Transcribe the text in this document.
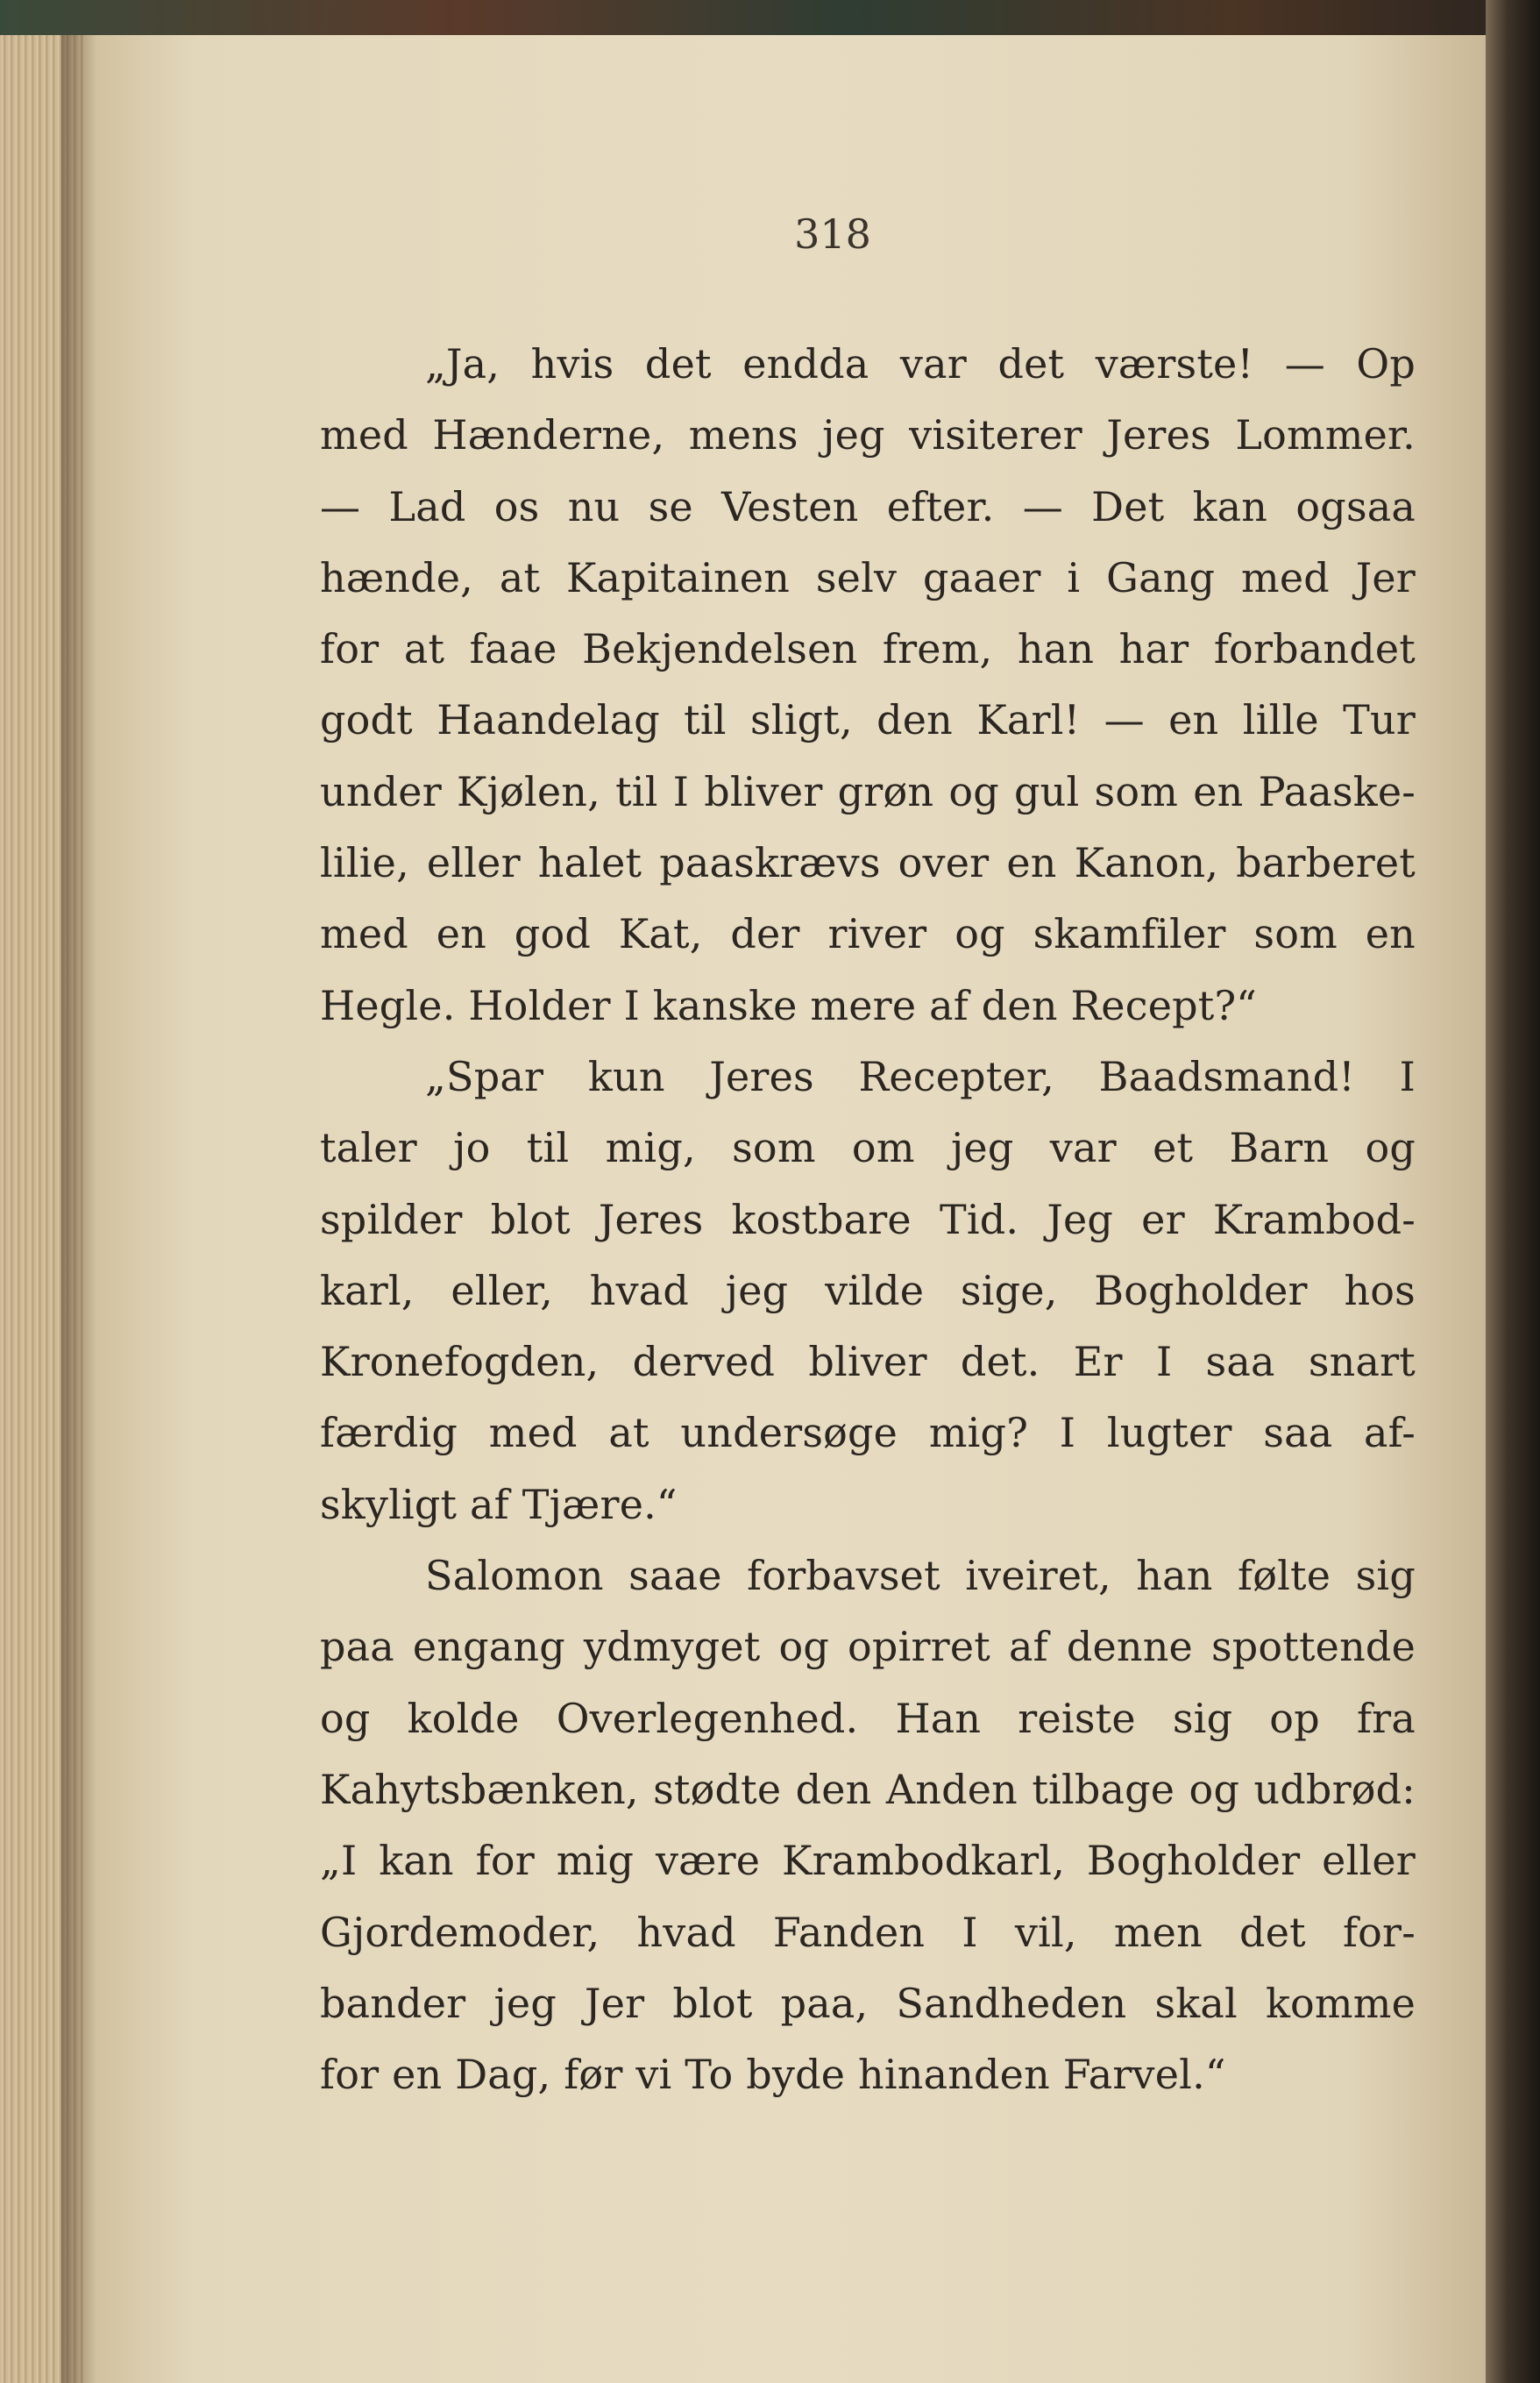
318
„Ja, hvis det endda var det værste! — Op
med Hænderne, mens jeg visiterer Jeres Lommer.
— Lad os nu se Vesten efter. — Det kan ogsaa
hænde, at Kapitainen selv gaaer i Gang med Jer
for at faae Bekjendelsen frem, han har forbandet
godt Haandelag til sligt, den Karl! — en lille Tur
under Kjølen, til I bliver grøn og gul som en Paaske-
lilie, eller halet paaskrævs over en Kanon, barberet
med en god Kat, der river og skamfiler som en
Hegle. Holder I kanske mere af den Recept?“
„Spar kun Jeres Recepter, Baadsmand! I
taler jo til mig, som om jeg var et Barn og
spilder blot Jeres kostbare Tid. Jeg er Krambod-
karl, eller, hvad jeg vilde sige, Bogholder hos
Kronefogden, derved bliver det. Er I saa snart
færdig med at undersøge mig? I lugter saa af-
skyligt af Tjære.“
Salomon saae forbavset iveiret, han følte sig
paa engang ydmyget og opirret af denne spottende
og kolde Overlegenhed. Han reiste sig op fra
Kahytsbænken, stødte den Anden tilbage og udbrød:
„I kan for mig være Krambodkarl, Bogholder eller
Gjordemoder, hvad Fanden I vil, men det for-
bander jeg Jer blot paa, Sandheden skal komme
for en Dag, før vi To byde hinanden Farvel.“
